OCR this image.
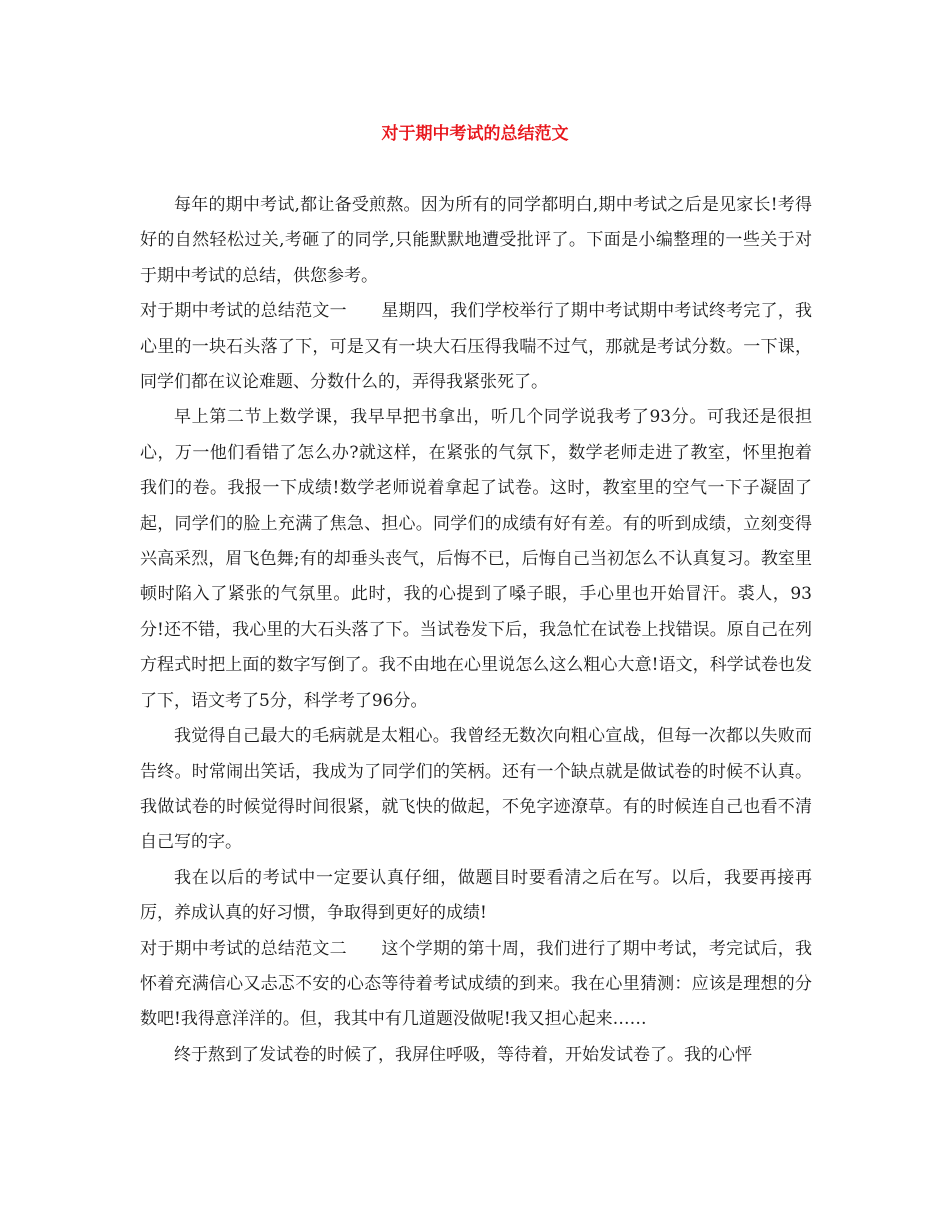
对于期中考试的总结范文

每年的期中考试,都让备受煎熬。因为所有的同学都明白,期中考试之后是见家长!考得好的自然轻松过关,考砸了的同学,只能默默地遭受批评了。下面是小编整理的一些关于对于期中考试的总结，供您参考。

对于期中考试的总结范文一　　星期四，我们学校举行了期中考试期中考试终考完了，我心里的一块石头落了下，可是又有一块大石压得我喘不过气，那就是考试分数。一下课，同学们都在议论难题、分数什么的，弄得我紧张死了。

早上第二节上数学课，我早早把书拿出，听几个同学说我考了93分。可我还是很担心，万一他们看错了怎么办?就这样，在紧张的气氛下，数学老师走进了教室，怀里抱着我们的卷。我报一下成绩!数学老师说着拿起了试卷。这时，教室里的空气一下子凝固了起，同学们的脸上充满了焦急、担心。同学们的成绩有好有差。有的听到成绩，立刻变得兴高采烈，眉飞色舞;有的却垂头丧气，后悔不已，后悔自己当初怎么不认真复习。教室里顿时陷入了紧张的气氛里。此时，我的心提到了嗓子眼，手心里也开始冒汗。裘人，93分!还不错，我心里的大石头落了下。当试卷发下后，我急忙在试卷上找错误。原自己在列方程式时把上面的数字写倒了。我不由地在心里说怎么这么粗心大意!语文，科学试卷也发了下，语文考了5分，科学考了96分。

我觉得自己最大的毛病就是太粗心。我曾经无数次向粗心宣战，但每一次都以失败而告终。时常闹出笑话，我成为了同学们的笑柄。还有一个缺点就是做试卷的时候不认真。我做试卷的时候觉得时间很紧，就飞快的做起，不免字迹潦草。有的时候连自己也看不清自己写的字。

我在以后的考试中一定要认真仔细，做题目时要看清之后在写。以后，我要再接再厉，养成认真的好习惯，争取得到更好的成绩!

对于期中考试的总结范文二　　这个学期的第十周，我们进行了期中考试，考完试后，我怀着充满信心又忐忑不安的心态等待着考试成绩的到来。我在心里猜测：应该是理想的分数吧!我得意洋洋的。但，我其中有几道题没做呢!我又担心起来……

终于熬到了发试卷的时候了，我屏住呼吸，等待着，开始发试卷了。我的心怦
